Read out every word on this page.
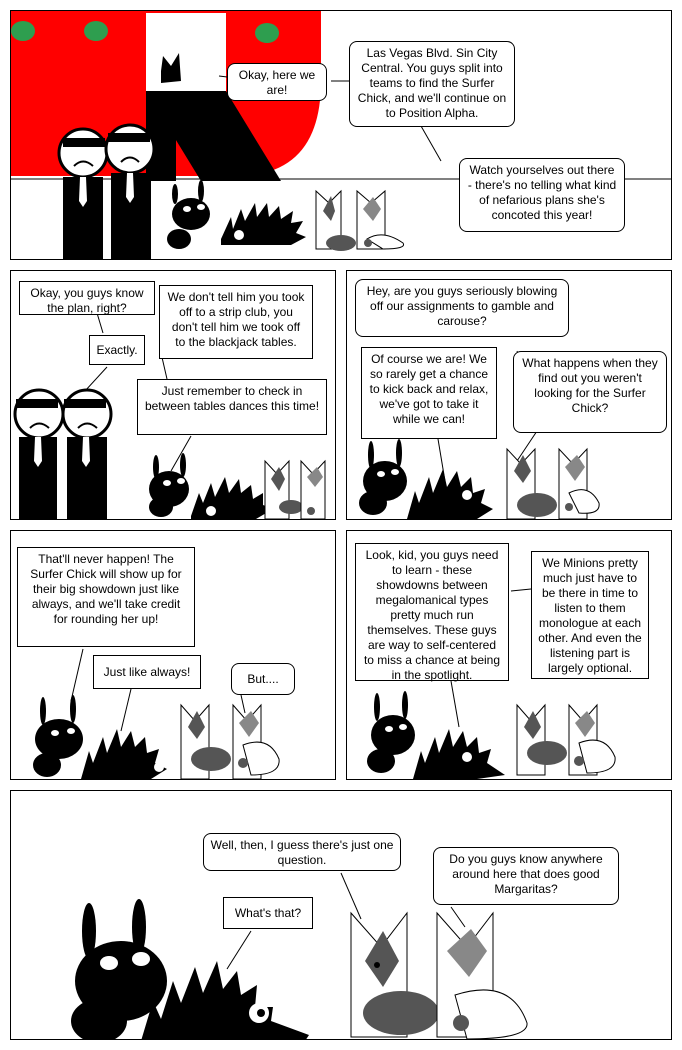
Okay, here we are!
Las Vegas Blvd. Sin City Central. You guys split into teams to find the Surfer Chick, and we'll continue on to Position Alpha.
Watch yourselves out there - there's no telling what kind of nefarious plans she's concoted this year!
Okay, you guys know the plan, right?
Exactly.
We don't tell him you took off to a strip club, you don't tell him we took off to the blackjack tables.
Just remember to check in between tables dances this time!
Hey, are you guys seriously blowing off our assignments to gamble and carouse?
Of course we are! We so rarely get a chance to kick back and relax, we've got to take it while we can!
What happens when they find out you weren't looking for the Surfer Chick?
That'll never happen! The Surfer Chick will show up for their big showdown just like always, and we'll take credit for rounding her up!
Just like always!	But....
Look, kid, you guys need to learn - these showdowns between megalomanical types pretty much run themselves. These guys are way to self-centered to miss a chance at being in the spotlight.
We Minions pretty much just have to be there in time to listen to them monologue at each other. And even the listening part is largely optional.
Well, then, I guess there's just one question.
What's that?
Do you guys know anywhere around here that does good Margaritas?
